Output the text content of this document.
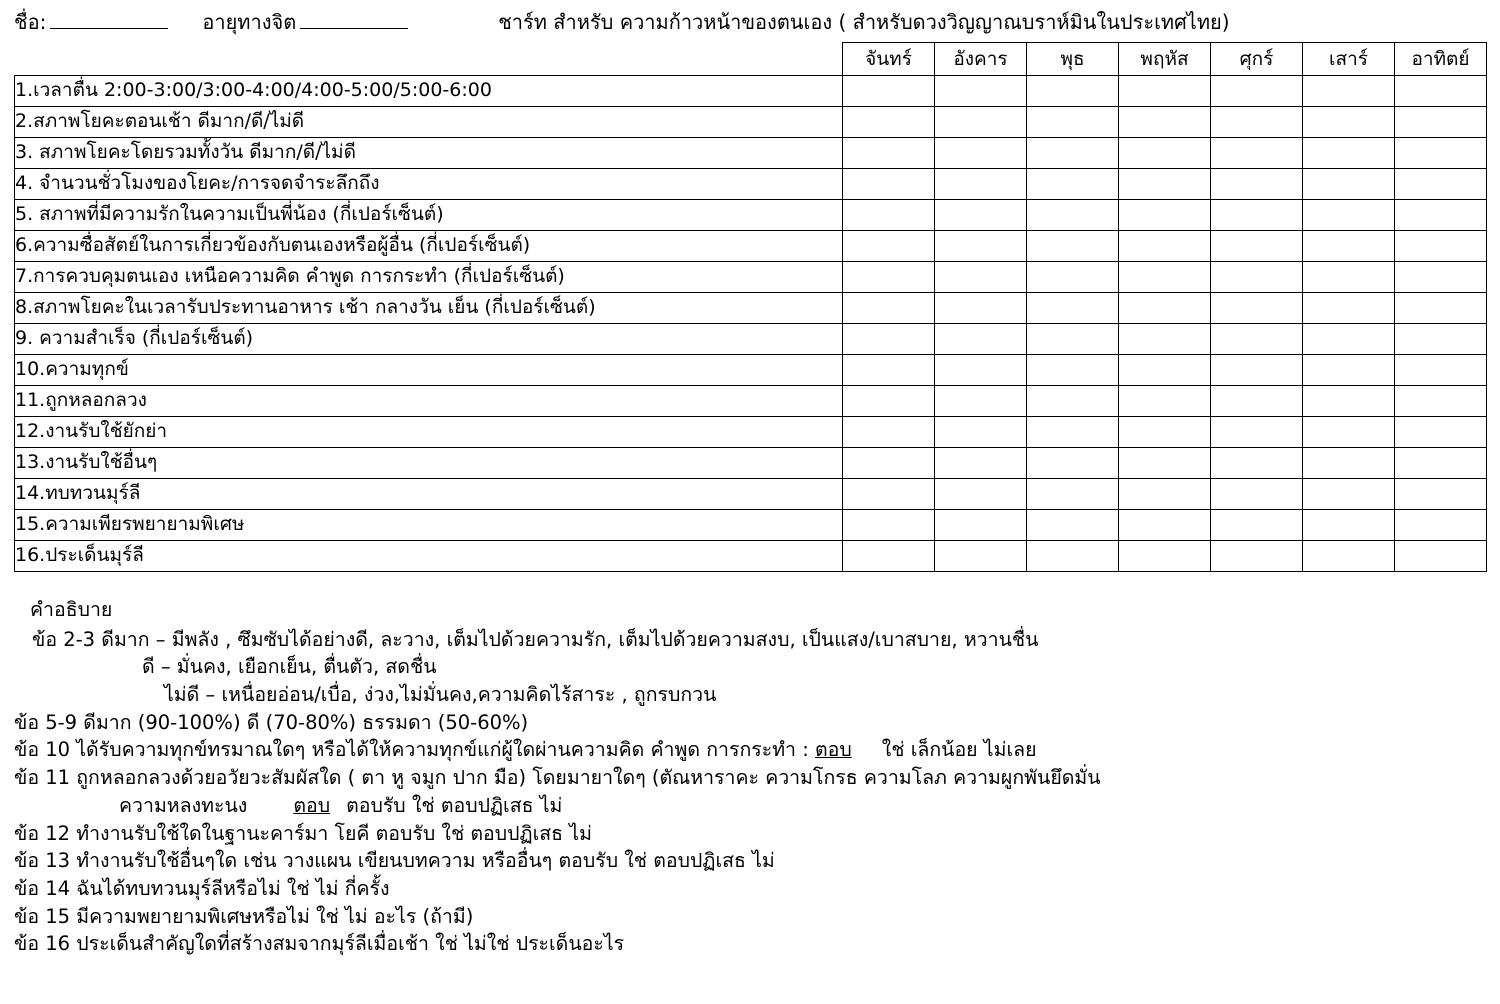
ชื่อ:	อายุทางจิต	ชาร์ท สำหรับ ความก้าวหน้าของตนเอง ( สำหรับดวงวิญญาณบราห์มินในประเทศไทย)
	จันทร์	อังคาร	พุธ	พฤหัส	ศุกร์	เสาร์	อาทิตย์
1.เวลาตื่น 2:00-3:00/3:00-4:00/4:00-5:00/5:00-6:00							
2.สภาพโยคะตอนเช้า ดีมาก/ดี/ไม่ดี							
3. สภาพโยคะโดยรวมทั้งวัน ดีมาก/ดี/ไม่ดี							
4. จำนวนชั่วโมงของโยคะ/การจดจำระลึกถึง							
5. สภาพที่มีความรักในความเป็นพี่น้อง (กี่เปอร์เซ็นต์)							
6.ความซื่อสัตย์ในการเกี่ยวข้องกับตนเองหรือผู้อื่น (กี่เปอร์เซ็นต์)							
7.การควบคุมตนเอง เหนือความคิด คำพูด การกระทำ (กี่เปอร์เซ็นต์)							
8.สภาพโยคะในเวลารับประทานอาหาร เช้า กลางวัน เย็น (กี่เปอร์เซ็นต์)							
9. ความสำเร็จ (กี่เปอร์เซ็นต์)							
10.ความทุกข์							
11.ถูกหลอกลวง							
12.งานรับใช้ยักย่า							
13.งานรับใช้อื่นๆ							
14.ทบทวนมุร์ลี							
15.ความเพียรพยายามพิเศษ							
16.ประเด็นมุร์ลี							
คำอธิบาย
ข้อ 2-3 ดีมาก – มีพลัง , ซึมซับได้อย่างดี, ละวาง, เต็มไปด้วยความรัก, เต็มไปด้วยความสงบ, เป็นแสง/เบาสบาย, หวานชื่น
ดี – มั่นคง, เยือกเย็น, ตื่นตัว, สดชื่น
ไม่ดี – เหนื่อยอ่อน/เบื่อ, ง่วง,ไม่มั่นคง,ความคิดไร้สาระ , ถูกรบกวน
ข้อ 5-9 ดีมาก (90-100%) ดี (70-80%) ธรรมดา (50-60%)
ข้อ 10 ได้รับความทุกข์ทรมาณใดๆ หรือได้ให้ความทุกข์แก่ผู้ใดผ่านความคิด คำพูด การกระทำ : ตอบ ใช่ เล็กน้อย ไม่เลย
ข้อ 11 ถูกหลอกลวงด้วยอวัยวะสัมผัสใด ( ตา หู จมูก ปาก มือ) โดยมายาใดๆ (ตัณหาราคะ ความโกรธ ความโลภ ความผูกพันยึดมั่น
ความหลงทะนง ตอบ ตอบรับ ใช่ ตอบปฏิเสธ ไม่
ข้อ 12 ทำงานรับใช้ใดในฐานะคาร์มา โยคี ตอบรับ ใช่ ตอบปฏิเสธ ไม่
ข้อ 13 ทำงานรับใช้อื่นๆใด เช่น วางแผน เขียนบทความ หรืออื่นๆ ตอบรับ ใช่ ตอบปฏิเสธ ไม่
ข้อ 14 ฉันได้ทบทวนมุร์ลีหรือไม่ ใช่ ไม่ กี่ครั้ง
ข้อ 15 มีความพยายามพิเศษหรือไม่ ใช่ ไม่ อะไร (ถ้ามี)
ข้อ 16 ประเด็นสำคัญใดที่สร้างสมจากมุร์ลีเมื่อเช้า ใช่ ไม่ใช่ ประเด็นอะไร
